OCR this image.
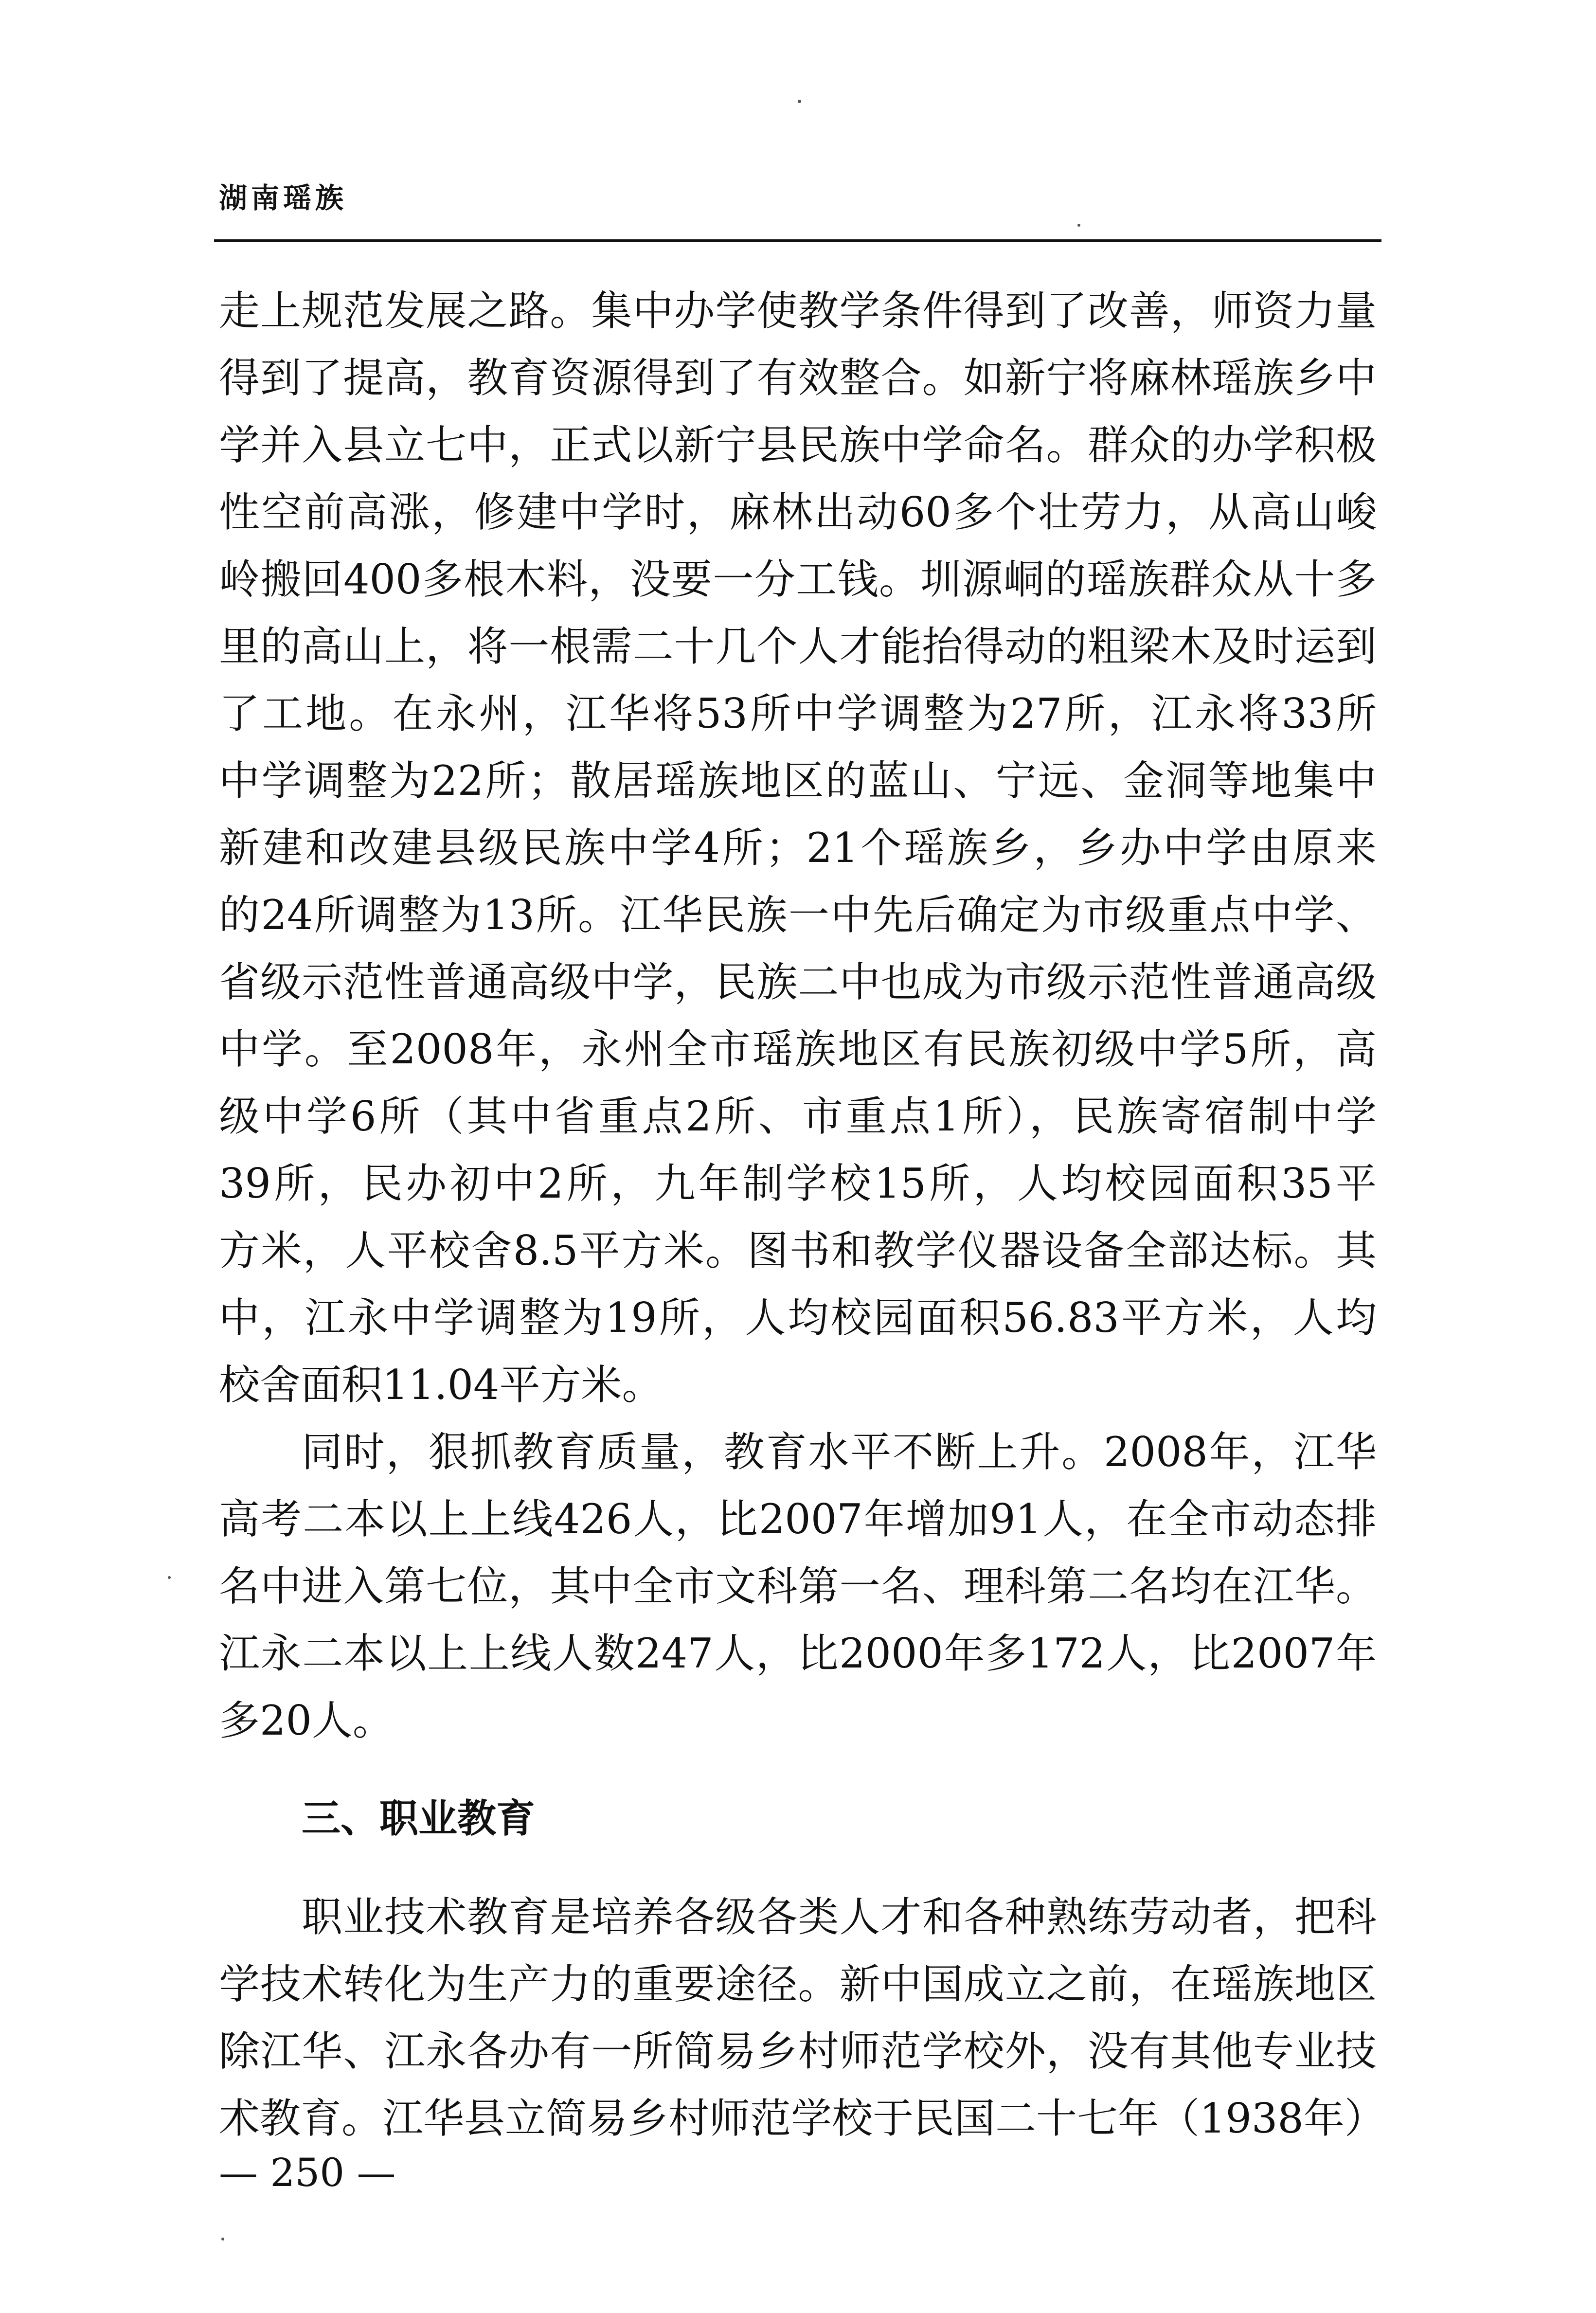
湖南瑶族
走上规范发展之路。集中办学使教学条件得到了改善，师资力量
得到了提高，教育资源得到了有效整合。如新宁将麻林瑶族乡中
学并入县立七中，正式以新宁县民族中学命名。群众的办学积极
性空前高涨，修建中学时，麻林出动60多个壮劳力，从高山峻
岭搬回400多根木料，没要一分工钱。圳源峒的瑶族群众从十多
里的高山上，将一根需二十几个人才能抬得动的粗梁木及时运到
了工地。在永州，江华将53所中学调整为27所，江永将33所
中学调整为22所；散居瑶族地区的蓝山、宁远、金洞等地集中
新建和改建县级民族中学4所；21个瑶族乡，乡办中学由原来
的24所调整为13所。江华民族一中先后确定为市级重点中学、
省级示范性普通高级中学，民族二中也成为市级示范性普通高级
中学。至2008年，永州全市瑶族地区有民族初级中学5所，高
级中学6所（其中省重点2所、市重点1所），民族寄宿制中学
39所，民办初中2所，九年制学校15所，人均校园面积35平
方米，人平校舍8.5平方米。图书和教学仪器设备全部达标。其
中，江永中学调整为19所，人均校园面积56.83平方米，人均
校舍面积11.04平方米。
同时，狠抓教育质量，教育水平不断上升。2008年，江华
高考二本以上上线426人，比2007年增加91人，在全市动态排
名中进入第七位，其中全市文科第一名、理科第二名均在江华。
江永二本以上上线人数247人，比2000年多172人，比2007年
多20人。
三、职业教育
职业技术教育是培养各级各类人才和各种熟练劳动者，把科
学技术转化为生产力的重要途径。新中国成立之前，在瑶族地区
除江华、江永各办有一所简易乡村师范学校外，没有其他专业技
术教育。江华县立简易乡村师范学校于民国二十七年（1938年）
— 250 —
